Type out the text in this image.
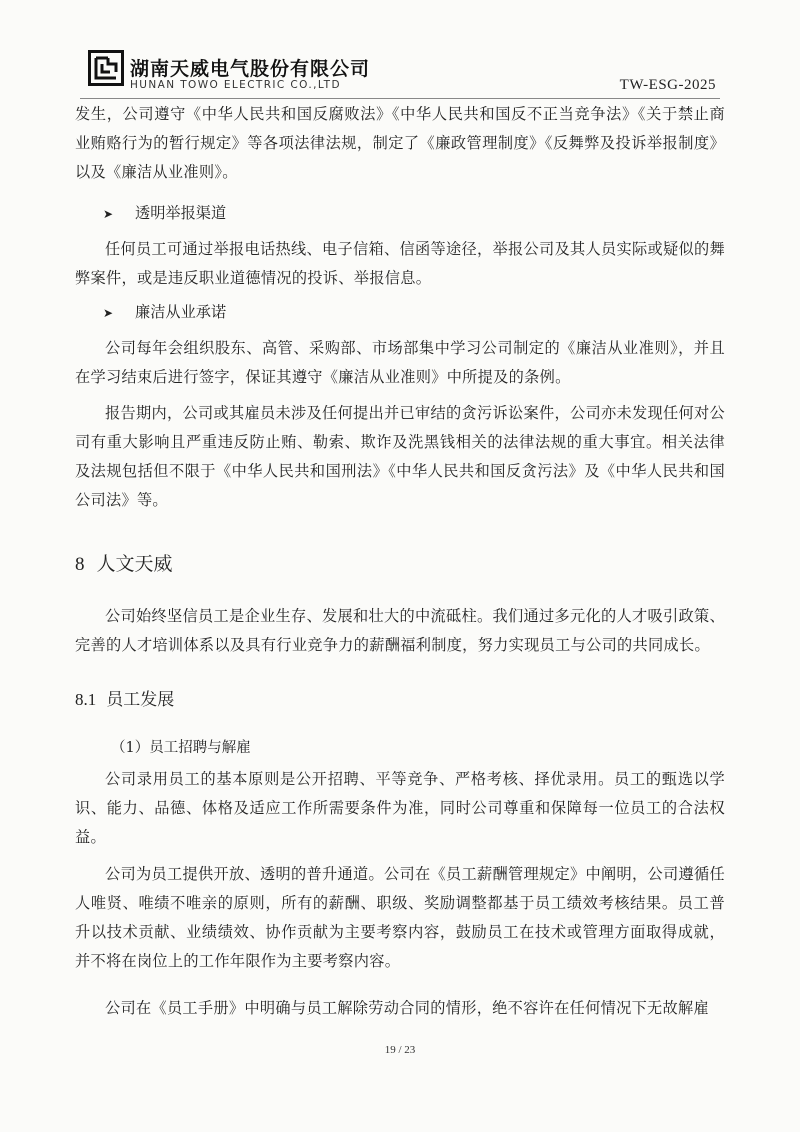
湖南天威电气股份有限公司
HUNAN TOWO ELECTRIC CO.,LTD	TW-ESG-2025

发生，公司遵守《中华人民共和国反腐败法》《中华人民共和国反不正当竞争法》《关于禁止商业贿赂行为的暂行规定》等各项法律法规，制定了《廉政管理制度》《反舞弊及投诉举报制度》以及《廉洁从业准则》。

➤ 透明举报渠道

任何员工可通过举报电话热线、电子信箱、信函等途径，举报公司及其人员实际或疑似的舞弊案件，或是违反职业道德情况的投诉、举报信息。

➤ 廉洁从业承诺

公司每年会组织股东、高管、采购部、市场部集中学习公司制定的《廉洁从业准则》，并且在学习结束后进行签字，保证其遵守《廉洁从业准则》中所提及的条例。

报告期内，公司或其雇员未涉及任何提出并已审结的贪污诉讼案件，公司亦未发现任何对公司有重大影响且严重违反防止贿、勒索、欺诈及洗黑钱相关的法律法规的重大事宜。相关法律及法规包括但不限于《中华人民共和国刑法》《中华人民共和国反贪污法》及《中华人民共和国公司法》等。

8 人文天威

公司始终坚信员工是企业生存、发展和壮大的中流砥柱。我们通过多元化的人才吸引政策、完善的人才培训体系以及具有行业竞争力的薪酬福利制度，努力实现员工与公司的共同成长。

8.1 员工发展
（1）员工招聘与解雇

公司录用员工的基本原则是公开招聘、平等竞争、严格考核、择优录用。员工的甄选以学识、能力、品德、体格及适应工作所需要条件为准，同时公司尊重和保障每一位员工的合法权益。

公司为员工提供开放、透明的普升通道。公司在《员工薪酬管理规定》中阐明，公司遵循任人唯贤、唯绩不唯亲的原则，所有的薪酬、职级、奖励调整都基于员工绩效考核结果。员工普升以技术贡献、业绩绩效、协作贡献为主要考察内容，鼓励员工在技术或管理方面取得成就，并不将在岗位上的工作年限作为主要考察内容。

公司在《员工手册》中明确与员工解除劳动合同的情形，绝不容许在任何情况下无故解雇

19 / 23
